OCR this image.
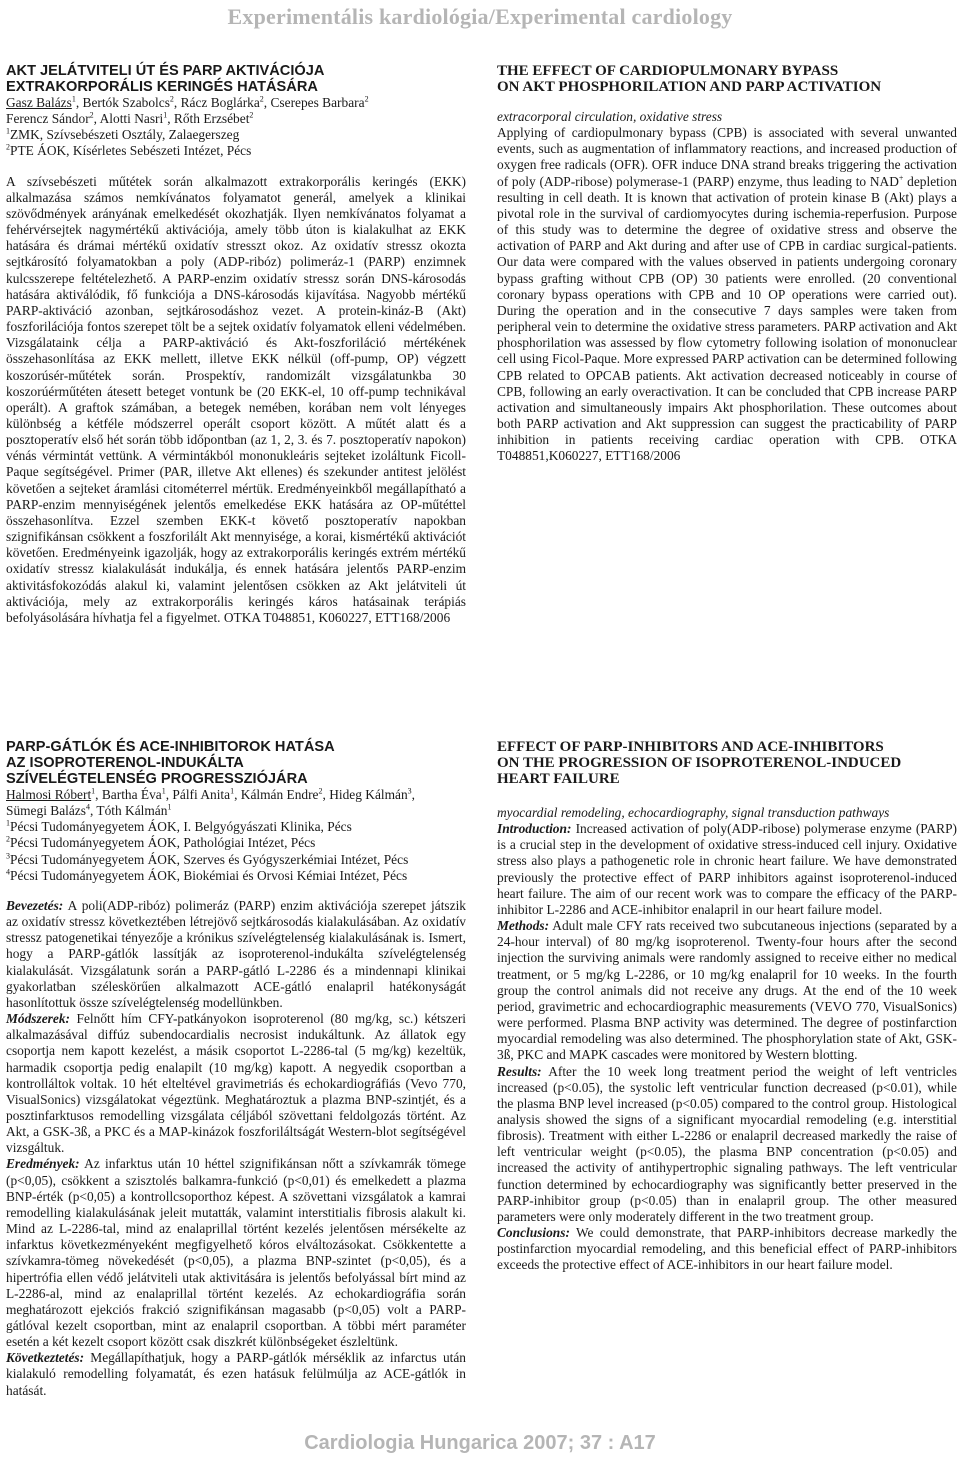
Experimentális kardiológia/Experimental cardiology
AKT JELÁTVITELI ÚT ÉS PARP AKTIVÁCIÓJA
EXTRAKORPORÁLIS KERINGÉS HATÁSÁRA

Gasz Balázs$^1$, Bertók Szabolcs$^2$, Rácz Boglárka$^2$, Cserepes Barbara$^2$
Ferencz Sándor$^2$, Alotti Nasri$^1$, Rőth Erzsébet$^2$

$^1$ZMK, Szívsebészeti Osztály, Zalaegerszeg

$^2$PTE ÁOK, Kísérletes Sebészeti Intézet, Pécs

A szívsebészeti műtétek során alkalmazott extrakorporális keringés (EKK) alkalmazása számos nemkívánatos folyamatot generál, amelyek a klinikai szövődmények arányának emelkedését okozhatják. Ilyen nemkívánatos folyamat a fehérvérsejtek nagymértékű aktivációja, amely több úton is kialakulhat az EKK hatására és drámai mértékű oxidatív stresszt okoz. Az oxidatív stressz okozta sejtkárosító folyamatokban a poly (ADP-ribóz) polimeráz-1 (PARP) enzimnek kulcsszerepe feltételezhető. A PARP-enzim oxidatív stressz során DNS-károsodás hatására aktiválódik, fő funkciója a DNS-károsodás kijavítása. Nagyobb mértékű PARP-aktiváció azonban, sejtkárosodáshoz vezet. A protein-kináz-B (Akt) foszforilációja fontos szerepet tölt be a sejtek oxidatív folyamatok elleni védelmében. Vizsgálataink célja a PARP-aktiváció és Akt-foszforiláció mértékének összehasonlítása az EKK mellett, illetve EKK nélkül (off-pump, OP) végzett koszorúsér-műtétek során. Prospektív, randomizált vizsgálatunkba 30 koszorúérműtéten átesett beteget vontunk be (20 EKK-el, 10 off-pump technikával operált). A graftok számában, a betegek nemében, korában nem volt lényeges különbség a kétféle módszerrel operált csoport között. A műtét alatt és a posztoperatív első hét során több időpontban (az 1, 2, 3. és 7. posztoperatív napokon) vénás vérmintát vettünk. A vérmintákból mononukleáris sejteket izoláltunk Ficoll-Paque segítségével. Primer (PAR, illetve Akt ellenes) és szekunder antitest jelölést követően a sejteket áramlási citométerrel mértük. Eredményeinkből megállapítható a PARP-enzim mennyiségének jelentős emelkedése EKK hatására az OP-műtéttel összehasonlítva. Ezzel szemben EKK-t követő posztoperatív napokban szignifikánsan csökkent a foszforilált Akt mennyisége, a korai, kismértékű aktivációt követően. Eredményeink igazolják, hogy az extrakorporális keringés extrém mértékű oxidatív stressz kialakulását indukálja, és ennek hatására jelentős PARP-enzim aktivitásfokozódás alakul ki, valamint jelentősen csökken az Akt jelátviteli út aktivációja, mely az extrakorporális keringés káros hatásainak terápiás befolyásolására hívhatja fel a figyelmet. OTKA T048851, K060227, ETT168/2006

THE EFFECT OF CARDIOPULMONARY BYPASS
ON AKT PHOSPHORILATION AND PARP ACTIVATION

extracorporal circulation, oxidative stress

Applying of cardiopulmonary bypass (CPB) is associated with several unwanted events, such as augmentation of inflammatory reactions, and increased production of oxygen free radicals (OFR). OFR induce DNA strand breaks triggering the activation of poly (ADP-ribose) polymerase-1 (PARP) enzyme, thus leading to NAD+ depletion resulting in cell death. It is known that activation of protein kinase B (Akt) plays a pivotal role in the survival of cardiomyocytes during ischemia-reperfusion. Purpose of this study was to determine the degree of oxidative stress and observe the activation of PARP and Akt during and after use of CPB in cardiac surgical-patients. Our data were compared with the values observed in patients undergoing coronary bypass grafting without CPB (OP) 30 patients were enrolled. (20 conventional coronary bypass operations with CPB and 10 OP operations were carried out). During the operation and in the consecutive 7 days samples were taken from peripheral vein to determine the oxidative stress parameters. PARP activation and Akt phosphorilation was assessed by flow cytometry following isolation of mononuclear cell using Ficol-Paque. More expressed PARP activation can be determined following CPB related to OPCAB patients. Akt activation decreased noticeably in course of CPB, following an early overactivation. It can be concluded that CPB increase PARP activation and simultaneously impairs Akt phosphorilation. These outcomes about both PARP activation and Akt suppression can suggest the practicability of PARP inhibition in patients receiving cardiac operation with CPB. OTKA T048851,K060227, ETT168/2006

PARP-GÁTLÓK ÉS ACE-INHIBITOROK HATÁSA
AZ ISOPROTERENOL-INDUKÁLTA
SZÍVELÉGTELENSÉG PROGRESSZIÓJÁRA

Halmosi Róbert$^1$, Bartha Éva$^1$, Pálfi Anita$^1$, Kálmán Endre$^2$, Hideg Kálmán$^3$,
Sümegi Balázs$^4$, Tóth Kálmán$^1$

$^1$Pécsi Tudományegyetem ÁOK, I. Belgyógyászati Klinika, Pécs

$^2$Pécsi Tudományegyetem ÁOK, Pathológiai Intézet, Pécs

$^3$Pécsi Tudományegyetem ÁOK, Szerves és Gyógyszerkémiai Intézet, Pécs

$^4$Pécsi Tudományegyetem ÁOK, Biokémiai és Orvosi Kémiai Intézet, Pécs

Bevezetés: A poli(ADP-ribóz) polimeráz (PARP) enzim aktivációja szerepet játszik az oxidatív stressz következtében létrejövő sejtkárosodás kialakulásában. Az oxidatív stressz patogenetikai tényezője a krónikus szívelégtelenség kialakulásának is. Ismert, hogy a PARP-gátlók lassítják az isoproterenol-indukálta szívelégtelenség kialakulását. Vizsgálatunk során a PARP-gátló L-2286 és a mindennapi klinikai gyakorlatban széleskörűen alkalmazott ACE-gátló enalapril hatékonyságát hasonlítottuk össze szívelégtelenség modellünkben.

Módszerek: Felnőtt hím CFY-patkányokon isoproterenol (80 mg/kg, sc.) kétszeri alkalmazásával diffúz subendocardialis necrosist indukáltunk. Az állatok egy csoportja nem kapott kezelést, a másik csoportot L-2286-tal (5 mg/kg) kezeltük, harmadik csoportja pedig enalapilt (10 mg/kg) kapott. A negyedik csoportban a kontrolláltok voltak. 10 hét elteltével gravimetriás és echokardiográfiás (Vevo 770, VisualSonics) vizsgálatokat végeztünk. Meghatároztuk a plazma BNP-szintjét, és a posztinfarktusos remodelling vizsgálata céljából szövettani feldolgozás történt. Az Akt, a GSK-3ß, a PKC és a MAP-kinázok foszforiláltságát Western-blot segítségével vizsgáltuk.

Eredmények: Az infarktus után 10 héttel szignifikánsan nőtt a szívkamrák tömege (p<0,05), csökkent a szisztolés balkamra-funkció (p<0,01) és emelkedett a plazma BNP-érték (p<0,05) a kontrollcsoporthoz képest. A szövettani vizsgálatok a kamrai remodelling kialakulásának jeleit mutatták, valamint interstitialis fibrosis alakult ki. Mind az L-2286-tal, mind az enalaprillal történt kezelés jelentősen mérsékelte az infarktus következményeként megfigyelhető kóros elváltozásokat. Csökkentette a szívkamra-tömeg növekedését (p<0,05), a plazma BNP-szintet (p<0,05), és a hipertrófia ellen védő jelátviteli utak aktivitására is jelentős befolyással bírt mind az L-2286-al, mind az enalaprillal történt kezelés. Az echokardiográfia során meghatározott ejekciós frakció szignifikánsan magasabb (p<0,05) volt a PARP-gátlóval kezelt csoportban, mint az enalapril csoportban. A többi mért paraméter esetén a két kezelt csoport között csak diszkrét különbségeket észleltünk.

Következtetés: Megállapíthatjuk, hogy a PARP-gátlók mérséklik az infarctus után kialakuló remodelling folyamatát, és ezen hatásuk felülmúlja az ACE-gátlók in hatását.

EFFECT OF PARP-INHIBITORS AND ACE-INHIBITORS
ON THE PROGRESSION OF ISOPROTERENOL-INDUCED
HEART FAILURE

myocardial remodeling, echocardiography, signal transduction pathways

Introduction: Increased activation of poly(ADP-ribose) polymerase enzyme (PARP) is a crucial step in the development of oxidative stress-induced cell injury. Oxidative stress also plays a pathogenetic role in chronic heart failure. We have demonstrated previously the protective effect of PARP inhibitors against isoproterenol-induced heart failure. The aim of our recent work was to compare the efficacy of the PARP-inhibitor L-2286 and ACE-inhibitor enalapril in our heart failure model.

Methods: Adult male CFY rats received two subcutaneous injections (separated by a 24-hour interval) of 80 mg/kg isoproterenol. Twenty-four hours after the second injection the surviving animals were randomly assigned to receive either no medical treatment, or 5 mg/kg L-2286, or 10 mg/kg enalapril for 10 weeks. In the fourth group the control animals did not receive any drugs. At the end of the 10 week period, gravimetric and echocardiographic measurements (VEVO 770, VisualSonics) were performed. Plasma BNP activity was determined. The degree of postinfarction myocardial remodeling was also determined. The phosphorylation state of Akt, GSK-3ß, PKC and MAPK cascades were monitored by Western blotting.

Results: After the 10 week long treatment period the weight of left ventricles increased (p<0.05), the systolic left ventricular function decreased (p<0.01), while the plasma BNP level increased (p<0.05) compared to the control group. Histological analysis showed the signs of a significant myocardial remodeling (e.g. interstitial fibrosis). Treatment with either L-2286 or enalapril decreased markedly the raise of left ventricular weight (p<0.05), the plasma BNP concentration (p<0.05) and increased the activity of antihypertrophic signaling pathways. The left ventricular function determined by echocardiography was significantly better preserved in the PARP-inhibitor group (p<0.05) than in enalapril group. The other measured parameters were only moderately different in the two treatment group.

Conclusions: We could demonstrate, that PARP-inhibitors decrease markedly the postinfarction myocardial remodeling, and this beneficial effect of PARP-inhibitors exceeds the protective effect of ACE-inhibitors in our heart failure model.

Cardiologia Hungarica 2007; 37 : A17
